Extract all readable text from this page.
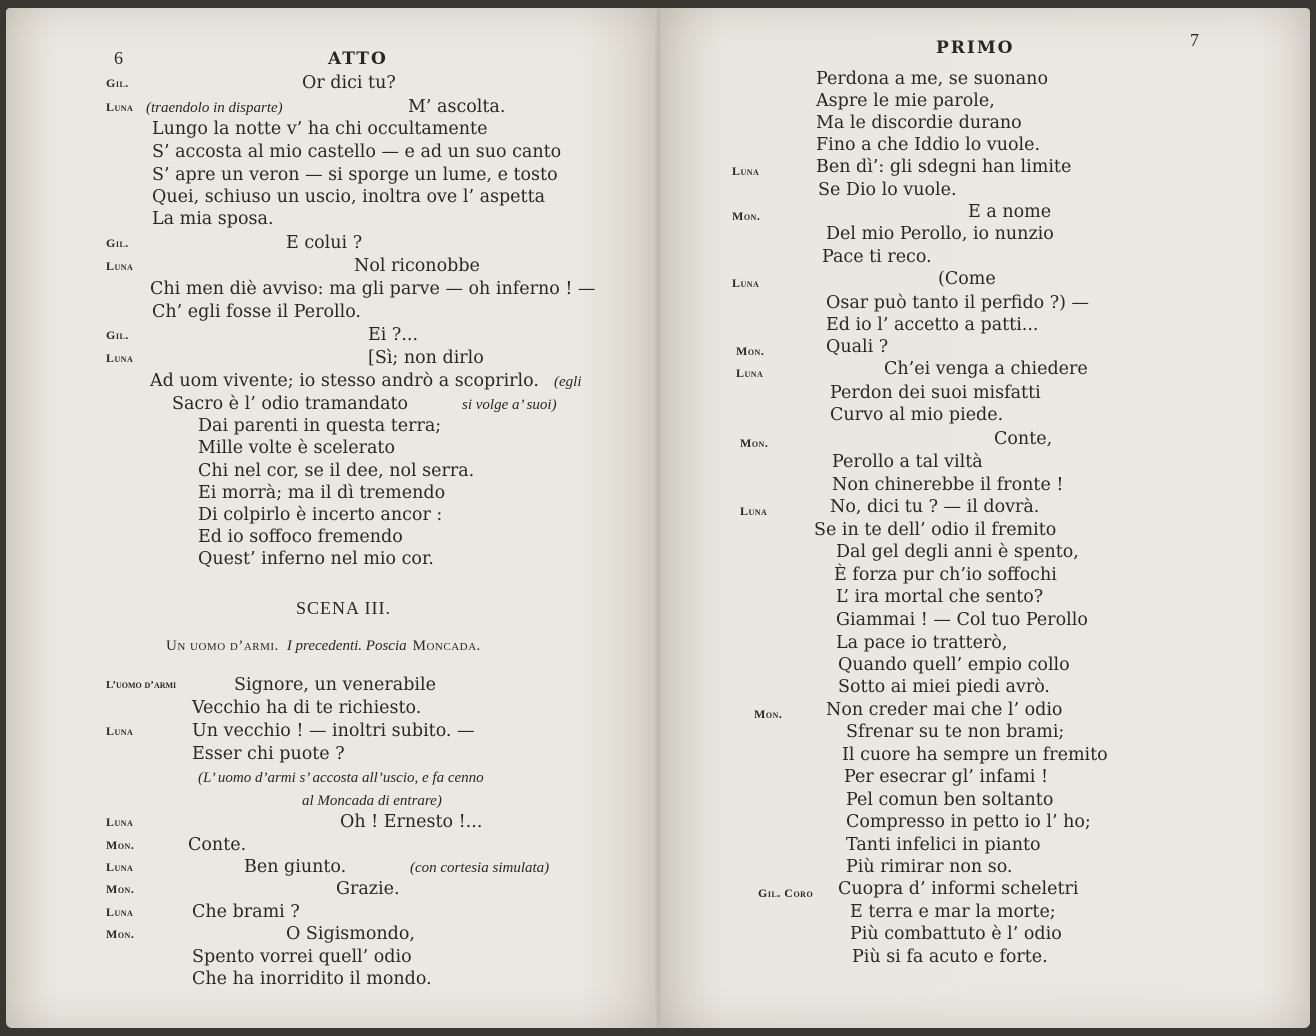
6	ATTO
Gil.	Or dici tu?
Luna (traendolo in disparte)	M’ ascolta.
Lungo la notte v’ ha chi occultamente
S’ accosta al mio castello — e ad un suo canto
S’ apre un veron — si sporge un lume, e tosto
Quei, schiuso un uscio, inoltra ove l’ aspetta
La mia sposa.
Gil.	E colui ?
Luna	Nol riconobbe
Chi men diè avviso: ma gli parve — oh inferno ! —
Ch’ egli fosse il Perollo.
Gil.	Ei ?...
Luna	[Sì; non dirlo
Ad uom vivente; io stesso andrò a scoprirlo. (egli
Sacro è l’ odio tramandato	si volge a’ suoi)
Dai parenti in questa terra;
Mille volte è scelerato
Chi nel cor, se il dee, nol serra.
Ei morrà; ma il dì tremendo
Di colpirlo è incerto ancor :
Ed io soffoco fremendo
Quest’ inferno nel mio cor.
SCENA III.
Un uomo d’armi. I precedenti. Poscia Moncada.
L’uomo d’armi	Signore, un venerabile
Vecchio ha di te richiesto.
Luna	Un vecchio ! — inoltri subito. —
Esser chi puote ?
(L’ uomo d’armi s’ accosta all’uscio, e fa cenno
al Moncada di entrare)
Luna	Oh ! Ernesto !...
Mon.	Conte.
Luna	Ben giunto.	(con cortesia simulata)
Mon.	Grazie.
Luna	Che brami ?
Mon.	O Sigismondo,
Spento vorrei quell’ odio
Che ha inorridito il mondo.
PRIMO	7
Perdona a me, se suonano
Aspre le mie parole,
Ma le discordie durano
Fino a che Iddio lo vuole.
Luna	Ben dì’: gli sdegni han limite
Se Dio lo vuole.
Mon.	E a nome
Del mio Perollo, io nunzio
Pace ti reco.
Luna	(Come
Osar può tanto il perfido ?) —
Ed io l’ accetto a patti...
Mon.	Quali ?
Luna	Ch’ei venga a chiedere
Perdon dei suoi misfatti
Curvo al mio piede.
Mon.	Conte,
Perollo a tal viltà
Non chinerebbe il fronte !
Luna	No, dici tu ? — il dovrà.
Se in te dell’ odio il fremito
Dal gel degli anni è spento,
È forza pur ch’io soffochi
L’ ira mortal che sento?
Giammai ! — Col tuo Perollo
La pace io tratterò,
Quando quell’ empio collo
Sotto ai miei piedi avrò.
Mon. Non creder mai che l’ odio
Sfrenar su te non brami;
Il cuore ha sempre un fremito
Per esecrar gl’ infami !
Pel comun ben soltanto
Compresso in petto io l’ ho;
Tanti infelici in pianto
Più rimirar non so.
Gil. Coro Cuopra d’ informi scheletri
E terra e mar la morte;
Più combattuto è l’ odio
Più si fa acuto e forte.
